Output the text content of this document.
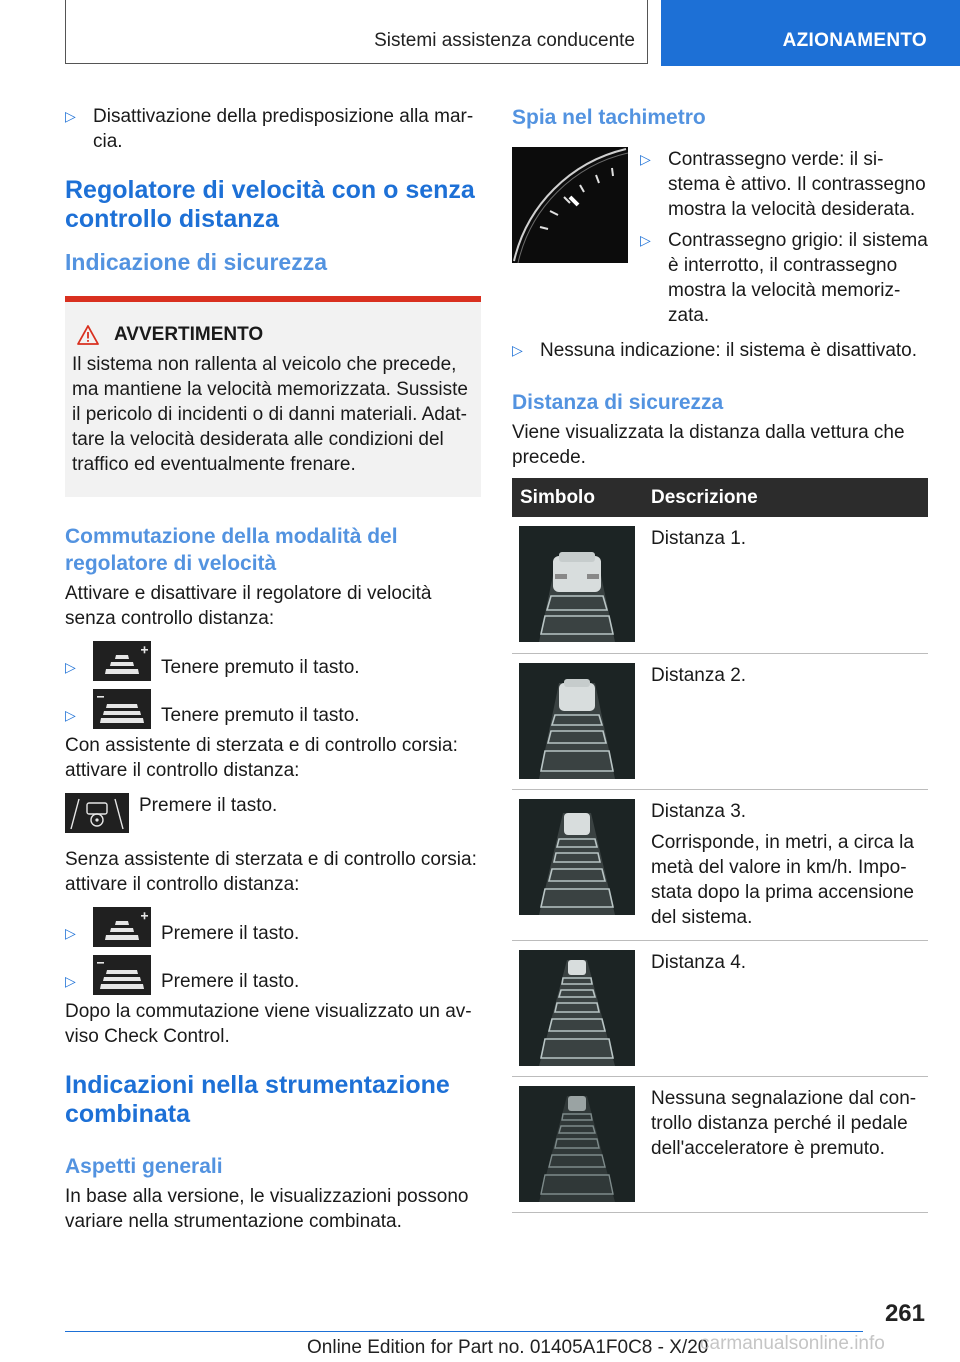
Sistemi assistenza conducente	AZIONAMENTO
▷ Disattivazione della predisposizione alla mar-cia.
Regolatore di velocità con o senza controllo distanza
Indicazione di sicurezza
AVVERTIMENTO

Il sistema non rallenta al veicolo che precede, ma mantiene la velocità memorizzata. Sussiste il pericolo di incidenti o di danni materiali. Adat-tare la velocità desiderata alle condizioni del traffico ed eventualmente frenare.

Commutazione della modalità del regolatore di velocità

Attivare e disattivare il regolatore di velocità senza controllo distanza:

▷	Tenere premuto il tasto.
▷	Tenere premuto il tasto.

Con assistente di sterzata e di controllo corsia: attivare il controllo distanza:

Premere il tasto.

Senza assistente di sterzata e di controllo corsia: attivare il controllo distanza:

▷	Premere il tasto.
▷	Premere il tasto.

Dopo la commutazione viene visualizzato un av-viso Check Control.

Indicazioni nella strumentazione combinata
Aspetti generali

In base alla versione, le visualizzazioni possono variare nella strumentazione combinata.

Spia nel tachimetro
▷ Contrassegno verde: il si-stema è attivo. Il contrassegno mostra la velocità desiderata.
▷ Contrassegno grigio: il sistema è interrotto, il contrassegno mostra la velocità memoriz-zata.
▷ Nessuna indicazione: il sistema è disattivato.
Distanza di sicurezza

Viene visualizzata la distanza dalla vettura che precede.

Simbolo	Descrizione

Distanza 1.

Distanza 2.

Distanza 3.

Corrisponde, in metri, a circa la metà del valore in km/h. Impo-stata dopo la prima accensione del sistema.

Distanza 4.

Nessuna segnalazione dal con-trollo distanza perché il pedale dell'acceleratore è premuto.

261
Online Edition for Part no. 01405A1F0C8 - X/20
carmanualsonline.info
